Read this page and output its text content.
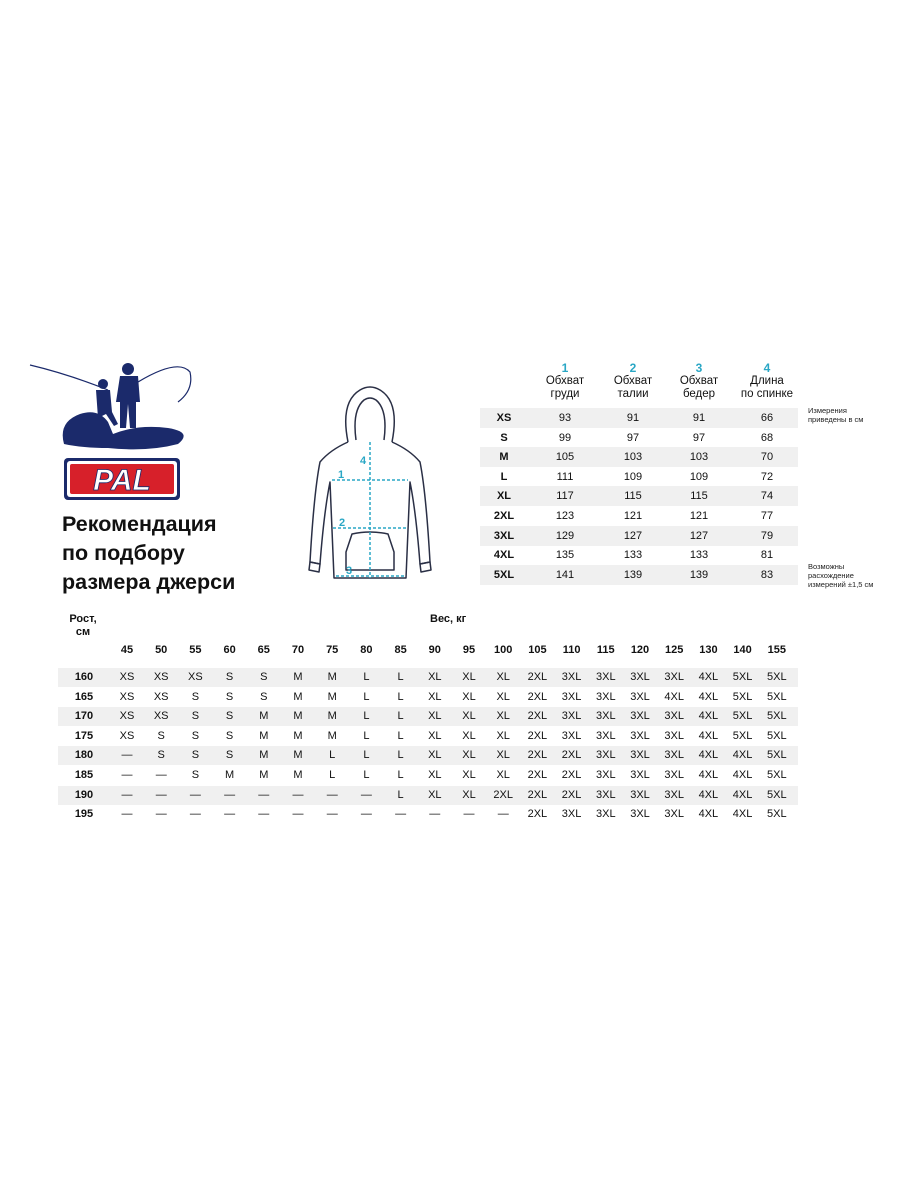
PAL
Рекомендация
по подбору
размера джерси
1
2
3
4
1
Обхват
груди
2
Обхват
талии
3
Обхват
бедер
4
Длина
по спинке
XS	93	91	91	66
S	99	97	97	68
M	105	103	103	70
L	111	109	109	72
XL	117	115	115	74
2XL	123	121	121	77
3XL	129	127	127	79
4XL	135	133	133	81
5XL	141	139	139	83
Измерения
приведены в см
Возможны
расхождение
измерений ±1,5 см
Рост,
см
Вес, кг
45	50	55	60	65	70	75	80	85	90	95	100	105	110	115	120	125	130	140	155
160	XS	XS	XS	S	S	M	M	L	L	XL	XL	XL	2XL	3XL	3XL	3XL	3XL	4XL	5XL	5XL
165	XS	XS	S	S	S	M	M	L	L	XL	XL	XL	2XL	3XL	3XL	3XL	4XL	4XL	5XL	5XL
170	XS	XS	S	S	M	M	M	L	L	XL	XL	XL	2XL	3XL	3XL	3XL	3XL	4XL	5XL	5XL
175	XS	S	S	S	M	M	M	L	L	XL	XL	XL	2XL	3XL	3XL	3XL	3XL	4XL	5XL	5XL
180	—	S	S	S	M	M	L	L	L	XL	XL	XL	2XL	2XL	3XL	3XL	3XL	4XL	4XL	5XL
185	—	—	S	M	M	M	L	L	L	XL	XL	XL	2XL	2XL	3XL	3XL	3XL	4XL	4XL	5XL
190	—	—	—	—	—	—	—	—	L	XL	XL	2XL	2XL	2XL	3XL	3XL	3XL	4XL	4XL	5XL
195	—	—	—	—	—	—	—	—	—	—	—	—	2XL	3XL	3XL	3XL	3XL	4XL	4XL	5XL
